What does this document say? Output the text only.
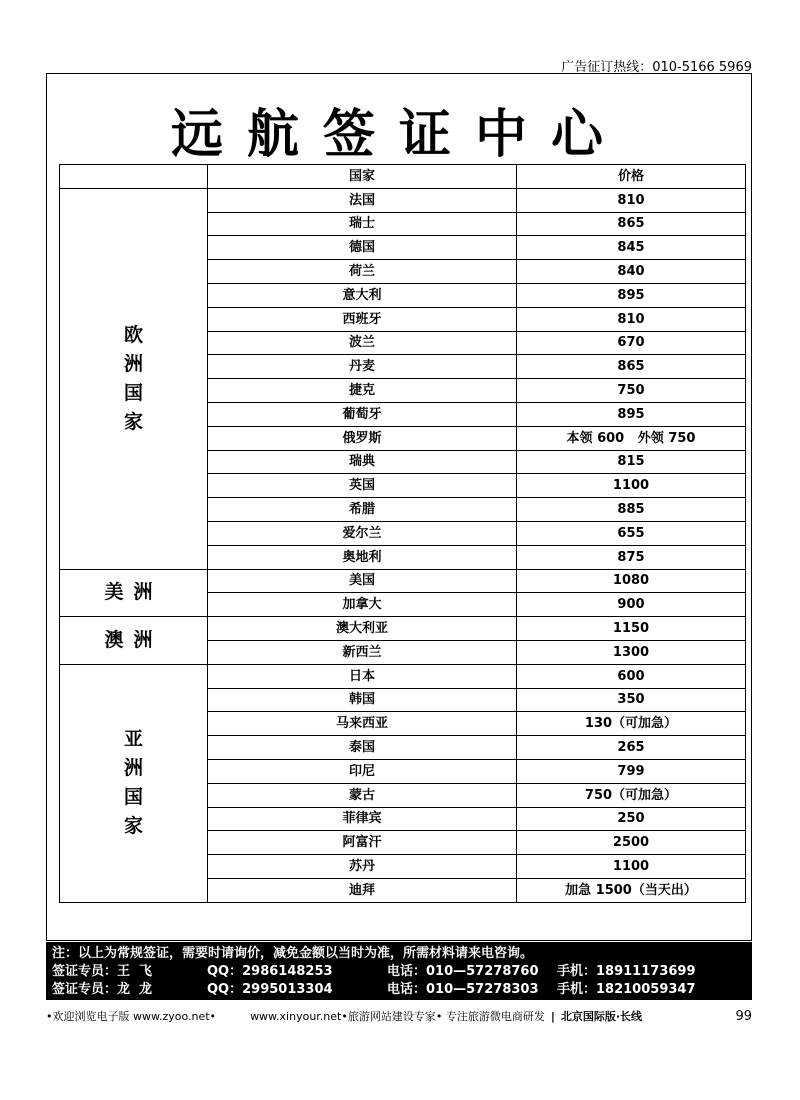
广告征订热线：010-5166 5969
远航签证中心
	国家	价格

欧
洲
国
家	法国	810
	瑞士	865
	德国	845
	荷兰	840
	意大利	895
	西班牙	810
	波兰	670
	丹麦	865
	捷克	750
	葡萄牙	895
	俄罗斯	本领 600   外领 750
	瑞典	815
	英国	1100
	希腊	885
	爱尔兰	655
	奥地利	875
美洲	美国	1080
	加拿大	900
澳洲	澳大利亚	1150
	新西兰	1300

亚
洲
国
家	日本	600
	韩国	350
	马来西亚	130（可加急）
	泰国	265
	印尼	799
	蒙古	750（可加急）
	菲律宾	250
	阿富汗	2500
	苏丹	1100
	迪拜	加急 1500（当天出）
注：以上为常规签证，需要时请询价，减免金额以当时为准，所需材料请来电咨询。
签证专员：王  飞	QQ：2986148253	电话：010—57278760	手机：18911173699
签证专员：龙  龙	QQ：2995013304	电话：010—57278303	手机：18210059347
•欢迎浏览电子版 www.zyoo.net•	www.xinyour.net•旅游网站建设专家• 专注旅游微电商研发 | 北京国际版·长线	99
